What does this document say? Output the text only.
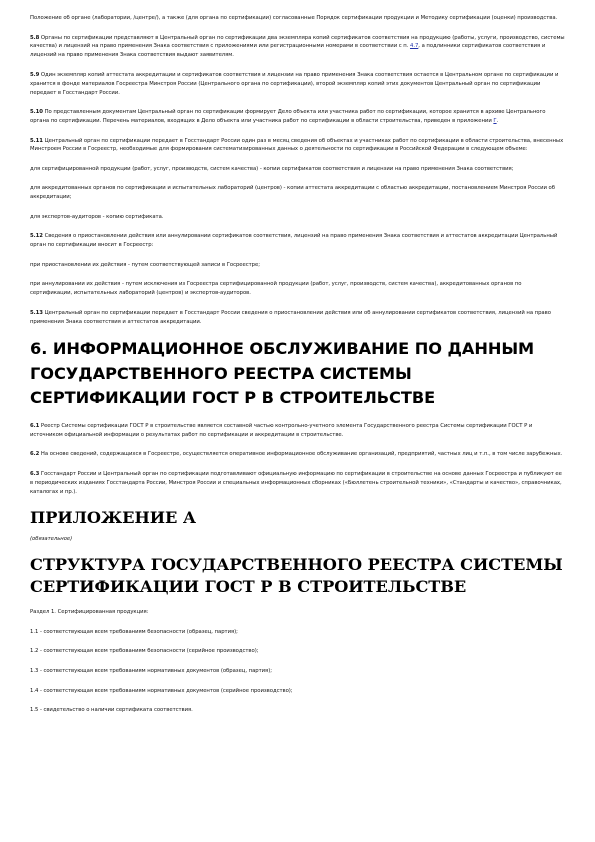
Положение об органе (лаборатории, /центре/), а также (для органа по сертификации) согласованные Порядок сертификации продукции и Методику сертификации (оценки) производства.

5.8 Органы по сертификации представляют в Центральный орган по сертификации два экземпляра копий сертификатов соответствия на продукцию (работы, услуги, производство, системы качества) и лицензий на право применения Знака соответствия с приложениями или регистрационными номерами в соответствии с п. 4.7, а подлинники сертификатов соответствия и лицензий на право применения Знака соответствия выдают заявителям.

5.9 Один экземпляр копий аттестата аккредитации и сертификатов соответствия и лицензии на право применения Знака соответствия остается в Центральном органе по сертификации и хранится в фонде материалов Госреестра Минстроя России (Центрального органа по сертификации), второй экземпляр копий этих документов Центральный орган по сертификации передает в Госстандарт России.

5.10 По представленным документам Центральный орган по сертификации формирует Дело объекта или участника работ по сертификации, которое хранится в архиве Центрального органа по сертификации. Перечень материалов, входящих в Дело объекта или участника работ по сертификации в области строительства, приведен в приложении Г.

5.11 Центральный орган по сертификации передает в Госстандарт России один раз в месяц сведения об объектах и участниках работ по сертификации в области строительства, внесенных Минстроем России в Госреестр, необходимые для формирования систематизированных данных о деятельности по сертификации в Российской Федерации в следующем объеме:

для сертифицированной продукции (работ, услуг, производств, систем качества) - копии сертификатов соответствия и лицензии на право применения Знака соответствия;

для аккредитованных органов по сертификации и испытательных лабораторий (центров) - копии аттестата аккредитации с областью аккредитации, постановлением Минстроя России об аккредитации;

для экспертов-аудиторов - копию сертификата.

5.12 Сведения о приостановлении действия или аннулировании сертификатов соответствия, лицензий на право применения Знака соответствия и аттестатов аккредитации Центральный орган по сертификации вносит в Госреестр:

при приостановлении их действия - путем соответствующей записи в Госреестре;

при аннулировании их действия - путем исключения из Госреестра сертифицированной продукции (работ, услуг, производств, систем качества), аккредитованных органов по сертификации, испытательных лабораторий (центров) и экспертов-аудиторов.

5.13 Центральный орган по сертификации передает в Госстандарт России сведения о приостановлении действия или об аннулировании сертификатов соответствия, лицензий на право применения Знака соответствия и аттестатов аккредитации.

6. ИНФОРМАЦИОННОЕ ОБСЛУЖИВАНИЕ ПО ДАННЫМ ГОСУДАРСТВЕННОГО РЕЕСТРА СИСТЕМЫ СЕРТИФИКАЦИИ ГОСТ Р В СТРОИТЕЛЬСТВЕ

6.1 Реестр Системы сертификации ГОСТ Р в строительстве является составной частью контрольно-учетного элемента Государственного реестра Системы сертификации ГОСТ Р и источником официальной информации о результатах работ по сертификации и аккредитации в строительстве.

6.2 На основе сведений, содержащихся в Госреестре, осуществляется оперативное информационное обслуживание организаций, предприятий, частных лиц и т.п., в том числе зарубежных.

6.3 Госстандарт России и Центральный орган по сертификации подготавливают официальную информацию по сертификации в строительстве на основе данных Госреестра и публикуют ее в периодических изданиях Госстандарта России, Минстроя России и специальных информационных сборниках («Бюллетень строительной техники», «Стандарты и качество», справочниках, каталогах и пр.).

ПРИЛОЖЕНИЕ А

(обязательное)

СТРУКТУРА ГОСУДАРСТВЕННОГО РЕЕСТРА СИСТЕМЫ СЕРТИФИКАЦИИ ГОСТ Р В СТРОИТЕЛЬСТВЕ

Раздел 1. Сертифицированная продукция:

1.1 - соответствующая всем требованиям безопасности (образец, партия);

1.2 - соответствующая всем требованиям безопасности (серийное производство);

1.3 - соответствующая всем требованиям нормативных документов (образец, партия);

1.4 - соответствующая всем требованиям нормативных документов (серийное производство);

1.5 - свидетельство о наличии сертификата соответствия.
